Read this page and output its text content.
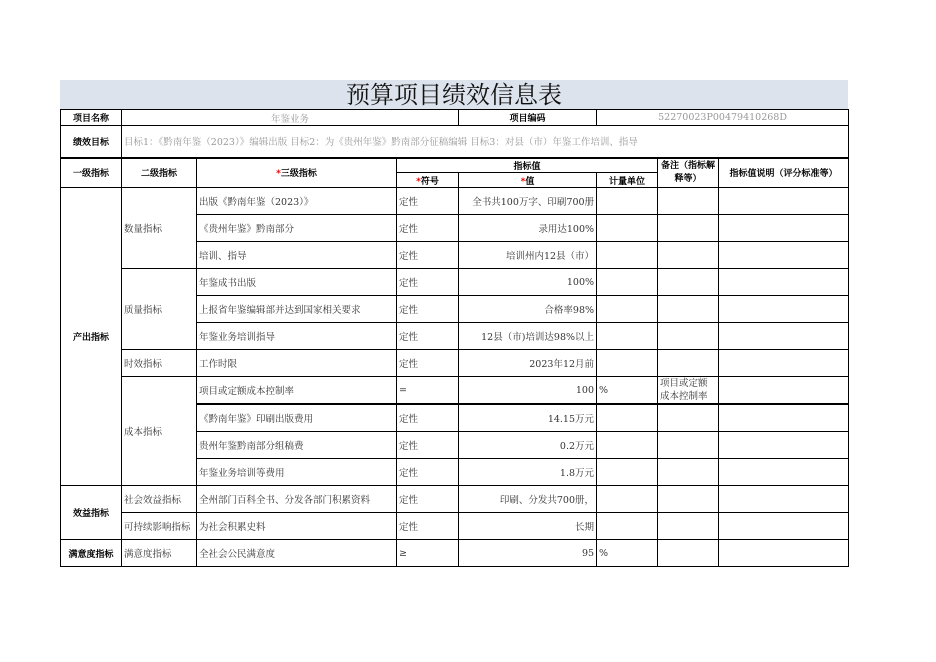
预算项目绩效信息表
项目名称	年鉴业务			项目编码	52270023P00479410268D		
绩效目标	目标1：《黔南年鉴（2023）》编辑出版 目标2：为《贵州年鉴》黔南部分征稿编辑 目标3：对县（市）年鉴工作培训、指导						
一级指标	二级指标	*三级指标	指标值			备注（指标解释等）	指标值说明（评分标准等）
			*符号	*值	计量单位		
产出指标	数量指标	出版《黔南年鉴（2023）》	定性	全书共100万字、印刷700册			
		《贵州年鉴》黔南部分	定性	录用达100%			
		培训、指导	定性	培训州内12县（市）			
	质量指标	年鉴成书出版	定性	100%			
		上报省年鉴编辑部并达到国家相关要求	定性	合格率98%			
		年鉴业务培训指导	定性	12县（市)培训达98%以上			
	时效指标	工作时限	定性	2023年12月前			
	成本指标	项目或定额成本控制率	=	100	%	项目或定额成本控制率	
		《黔南年鉴》印刷出版费用	定性	14.15万元			
		贵州年鉴黔南部分组稿费	定性	0.2万元			
		年鉴业务培训等费用	定性	1.8万元			
效益指标	社会效益指标	全州部门百科全书、分发各部门积累资料	定性	印刷、分发共700册，			
	可持续影响指标	为社会积累史料	定性	长期			
满意度指标	满意度指标	全社会公民满意度	≥	95	%		
